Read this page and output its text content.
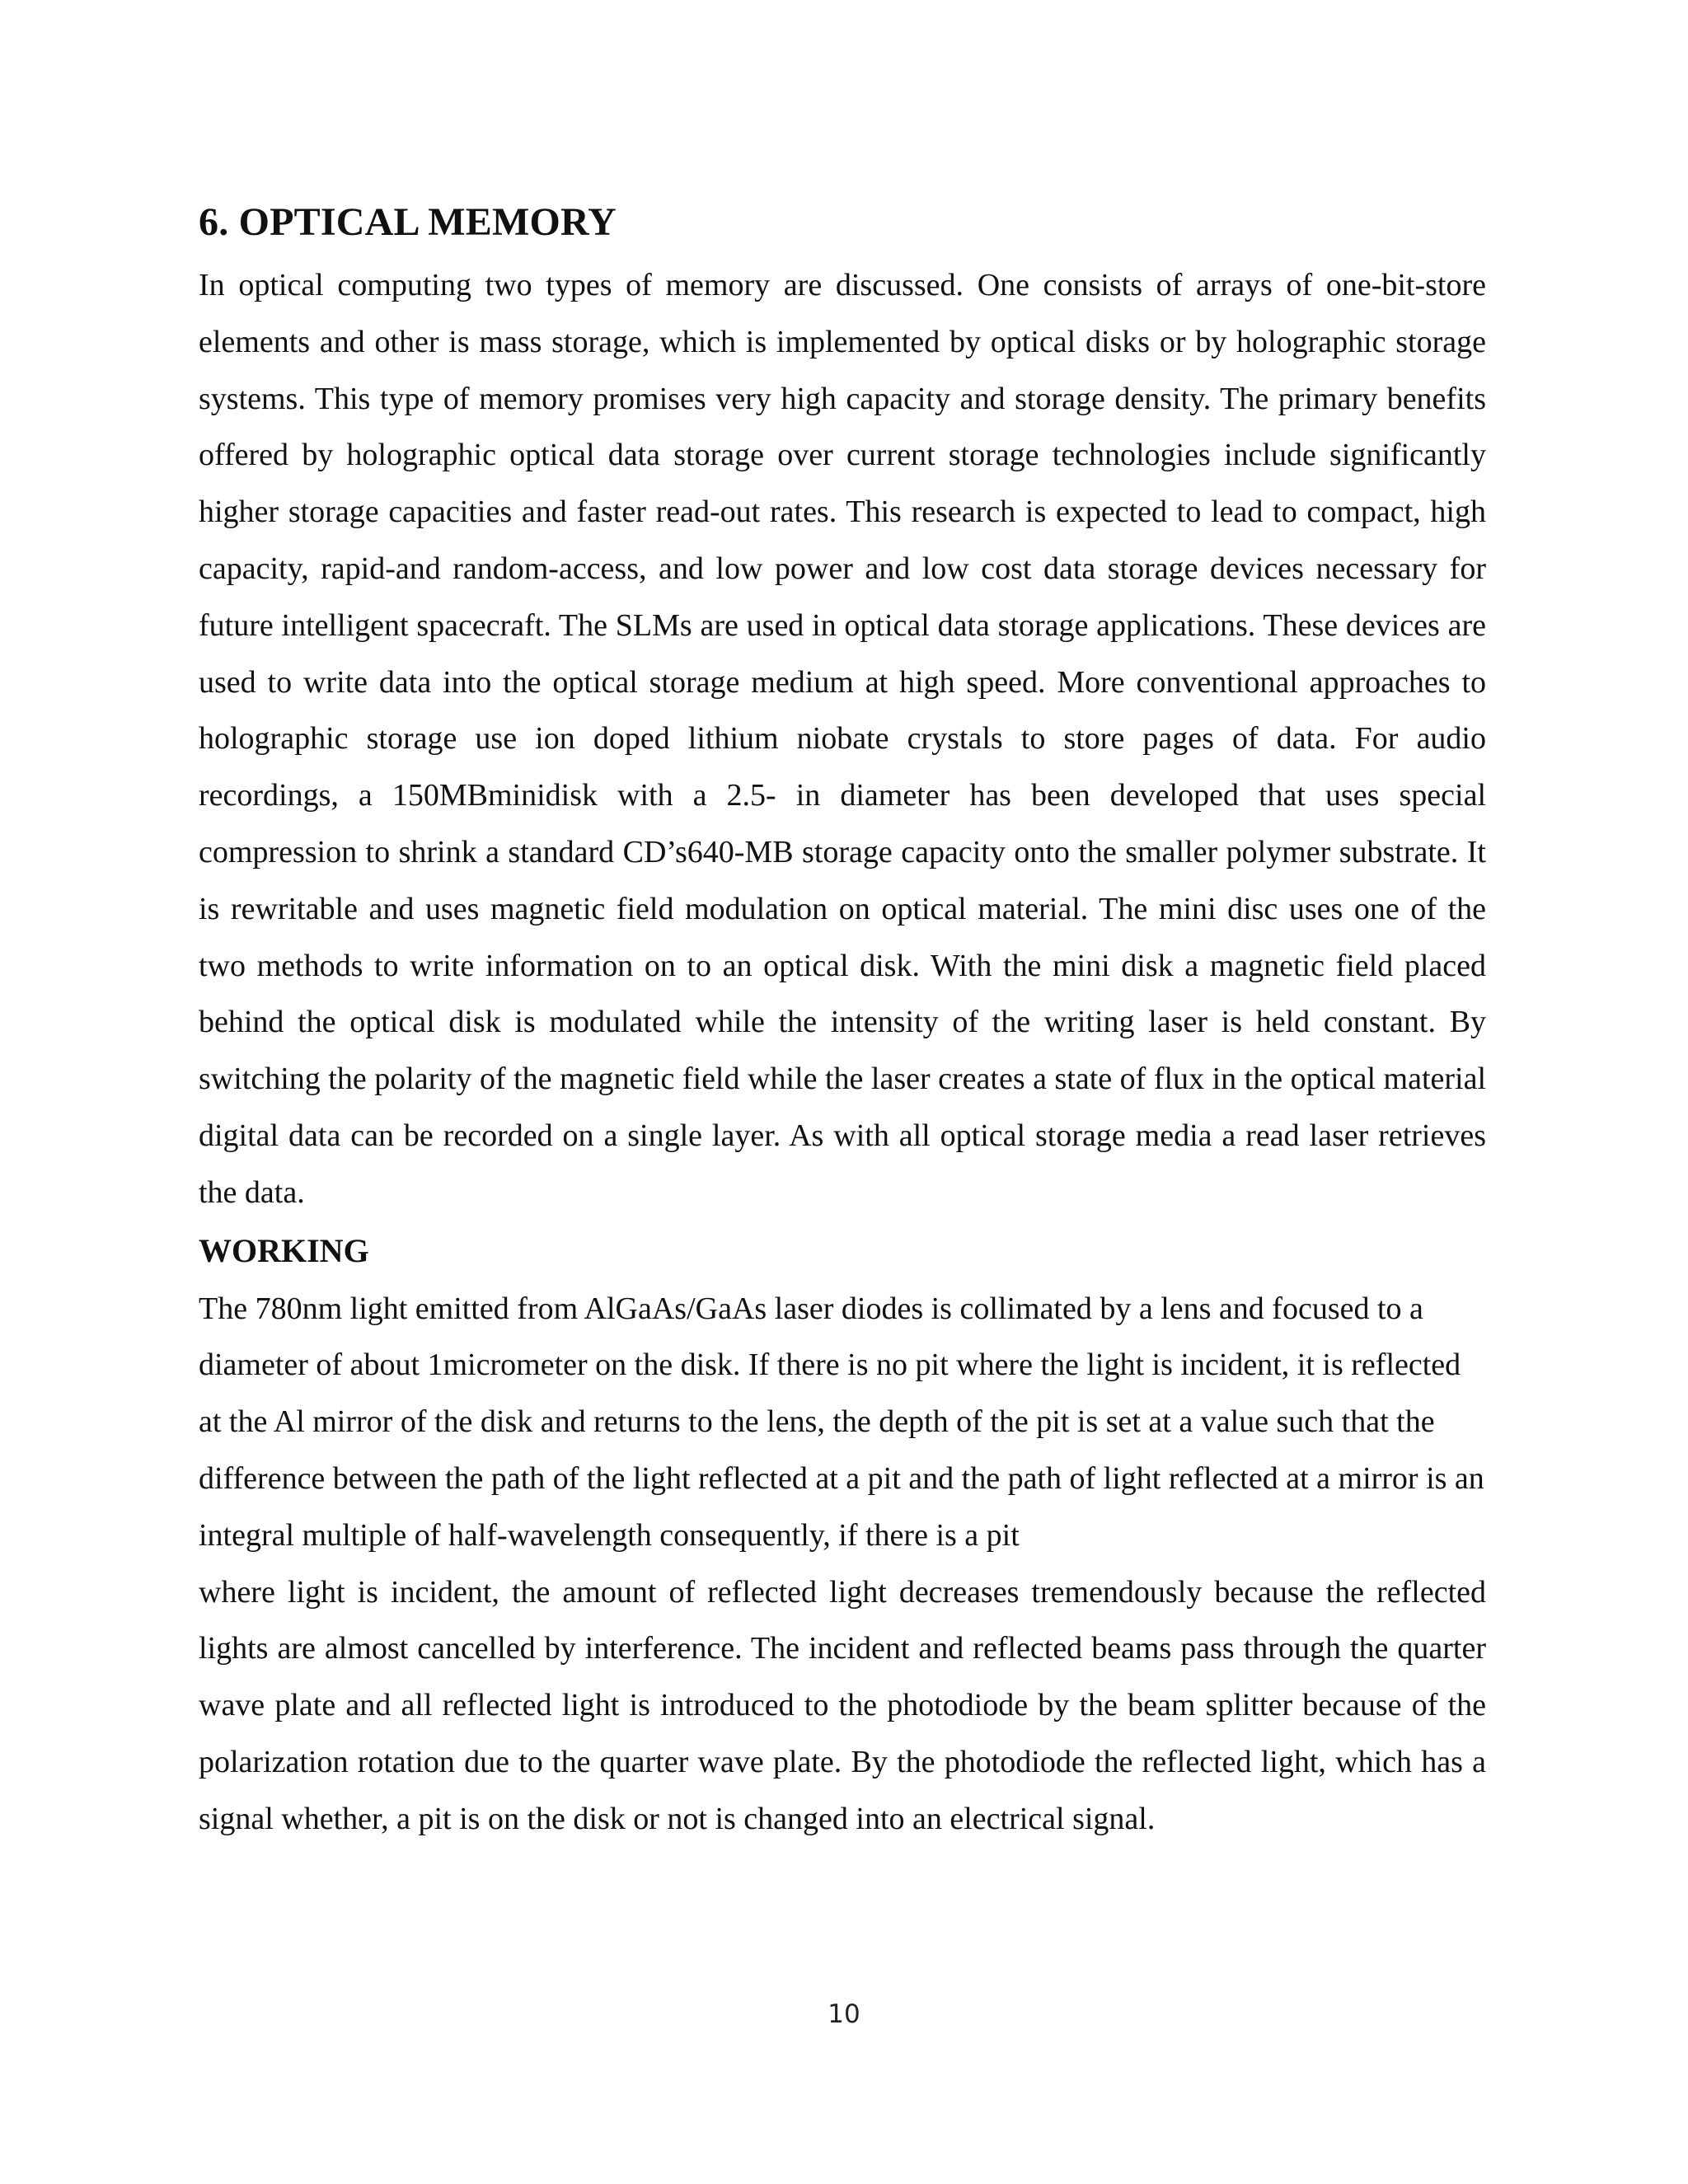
6. OPTICAL MEMORY

In optical computing two types of memory are discussed. One consists of arrays of one-bit-store elements and other is mass storage, which is implemented by optical disks or by holographic storage systems. This type of memory promises very high capacity and storage density. The primary benefits offered by holographic optical data storage over current storage technologies include significantly higher storage capacities and faster read-out rates. This research is expected to lead to compact, high capacity, rapid-and random-access, and low power and low cost data storage devices necessary for future intelligent spacecraft. The SLMs are used in optical data storage applications. These devices are used to write data into the optical storage medium at high speed. More conventional approaches to holographic storage use ion doped lithium niobate crystals to store pages of data. For audio recordings, a 150MBminidisk with a 2.5- in diameter has been developed that uses special compression to shrink a standard CD’s640-MB storage capacity onto the smaller polymer substrate. It is rewritable and uses magnetic field modulation on optical material. The mini disc uses one of the two methods to write information on to an optical disk. With the mini disk a magnetic field placed behind the optical disk is modulated while the intensity of the writing laser is held constant. By switching the polarity of the magnetic field while the laser creates a state of flux in the optical material digital data can be recorded on a single layer. As with all optical storage media a read laser retrieves the data.

WORKING

The 780nm light emitted from AlGaAs/GaAs laser diodes is collimated by a lens and focused to a diameter of about 1micrometer on the disk. If there is no pit where the light is incident, it is reflected at the Al mirror of the disk and returns to the lens, the depth of the pit is set at a value such that the difference between the path of the light reflected at a pit and the path of light reflected at a mirror is an integral multiple of half-wavelength consequently, if there is a pit

where light is incident, the amount of reflected light decreases tremendously because the reflected lights are almost cancelled by interference. The incident and reflected beams pass through the quarter wave plate and all reflected light is introduced to the photodiode by the beam splitter because of the polarization rotation due to the quarter wave plate. By the photodiode the reflected light, which has a signal whether, a pit is on the disk or not is changed into an electrical signal.

10
